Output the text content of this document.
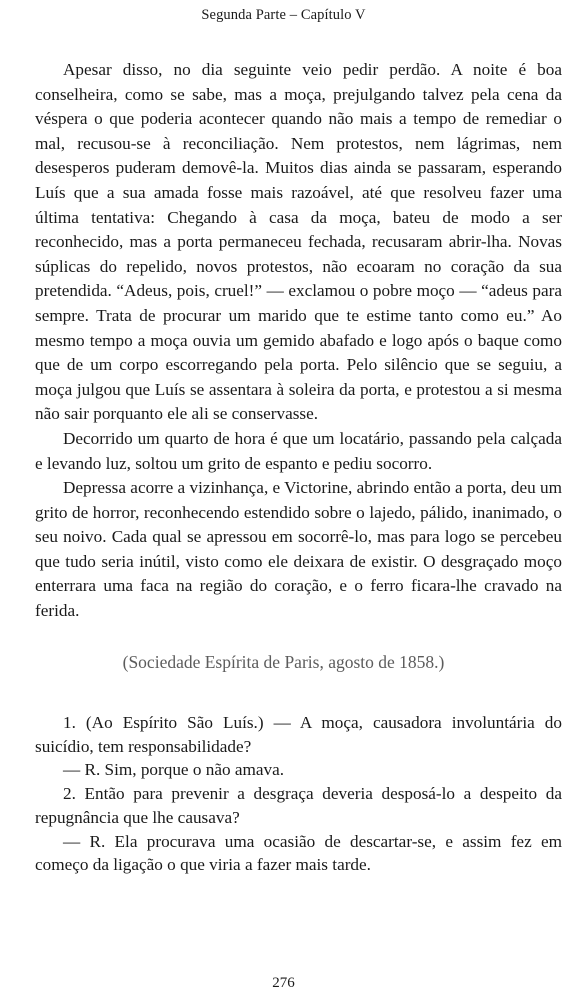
Segunda Parte – Capítulo V

Apesar disso, no dia seguinte veio pedir perdão. A noite é boa conselheira, como se sabe, mas a moça, prejulgando talvez pela cena da véspera o que poderia acontecer quando não mais a tempo de remediar o mal, recusou-se à reconciliação. Nem protestos, nem lágrimas, nem desesperos puderam demovê-la. Muitos dias ainda se passaram, esperando Luís que a sua amada fosse mais razoável, até que resolveu fazer uma última tentativa: Chegando à casa da moça, bateu de modo a ser reconhecido, mas a porta permaneceu fechada, recusaram abrir-lha. Novas súplicas do repelido, novos protestos, não ecoaram no coração da sua pretendida. “Adeus, pois, cruel!” — exclamou o pobre moço — “adeus para sempre. Trata de procurar um marido que te estime tanto como eu.” Ao mesmo tempo a moça ouvia um gemido abafado e logo após o baque como que de um corpo escorregando pela porta. Pelo silêncio que se seguiu, a moça julgou que Luís se assentara à soleira da porta, e protestou a si mesma não sair porquanto ele ali se conservasse.

Decorrido um quarto de hora é que um locatário, passando pela calçada e levando luz, soltou um grito de espanto e pediu socorro.

Depressa acorre a vizinhança, e Victorine, abrindo então a porta, deu um grito de horror, reconhecendo estendido sobre o lajedo, pálido, inanimado, o seu noivo. Cada qual se apressou em socorrê-lo, mas para logo se percebeu que tudo seria inútil, visto como ele deixara de existir. O desgraçado moço enterrara uma faca na região do coração, e o ferro ficara-lhe cravado na ferida.

(Sociedade Espírita de Paris, agosto de 1858.)

1. (Ao Espírito São Luís.) — A moça, causadora involuntária do suicídio, tem responsabilidade?

— R. Sim, porque o não amava.

2. Então para prevenir a desgraça deveria desposá-lo a despeito da repugnância que lhe causava?

— R. Ela procurava uma ocasião de descartar-se, e assim fez em começo da ligação o que viria a fazer mais tarde.

276
